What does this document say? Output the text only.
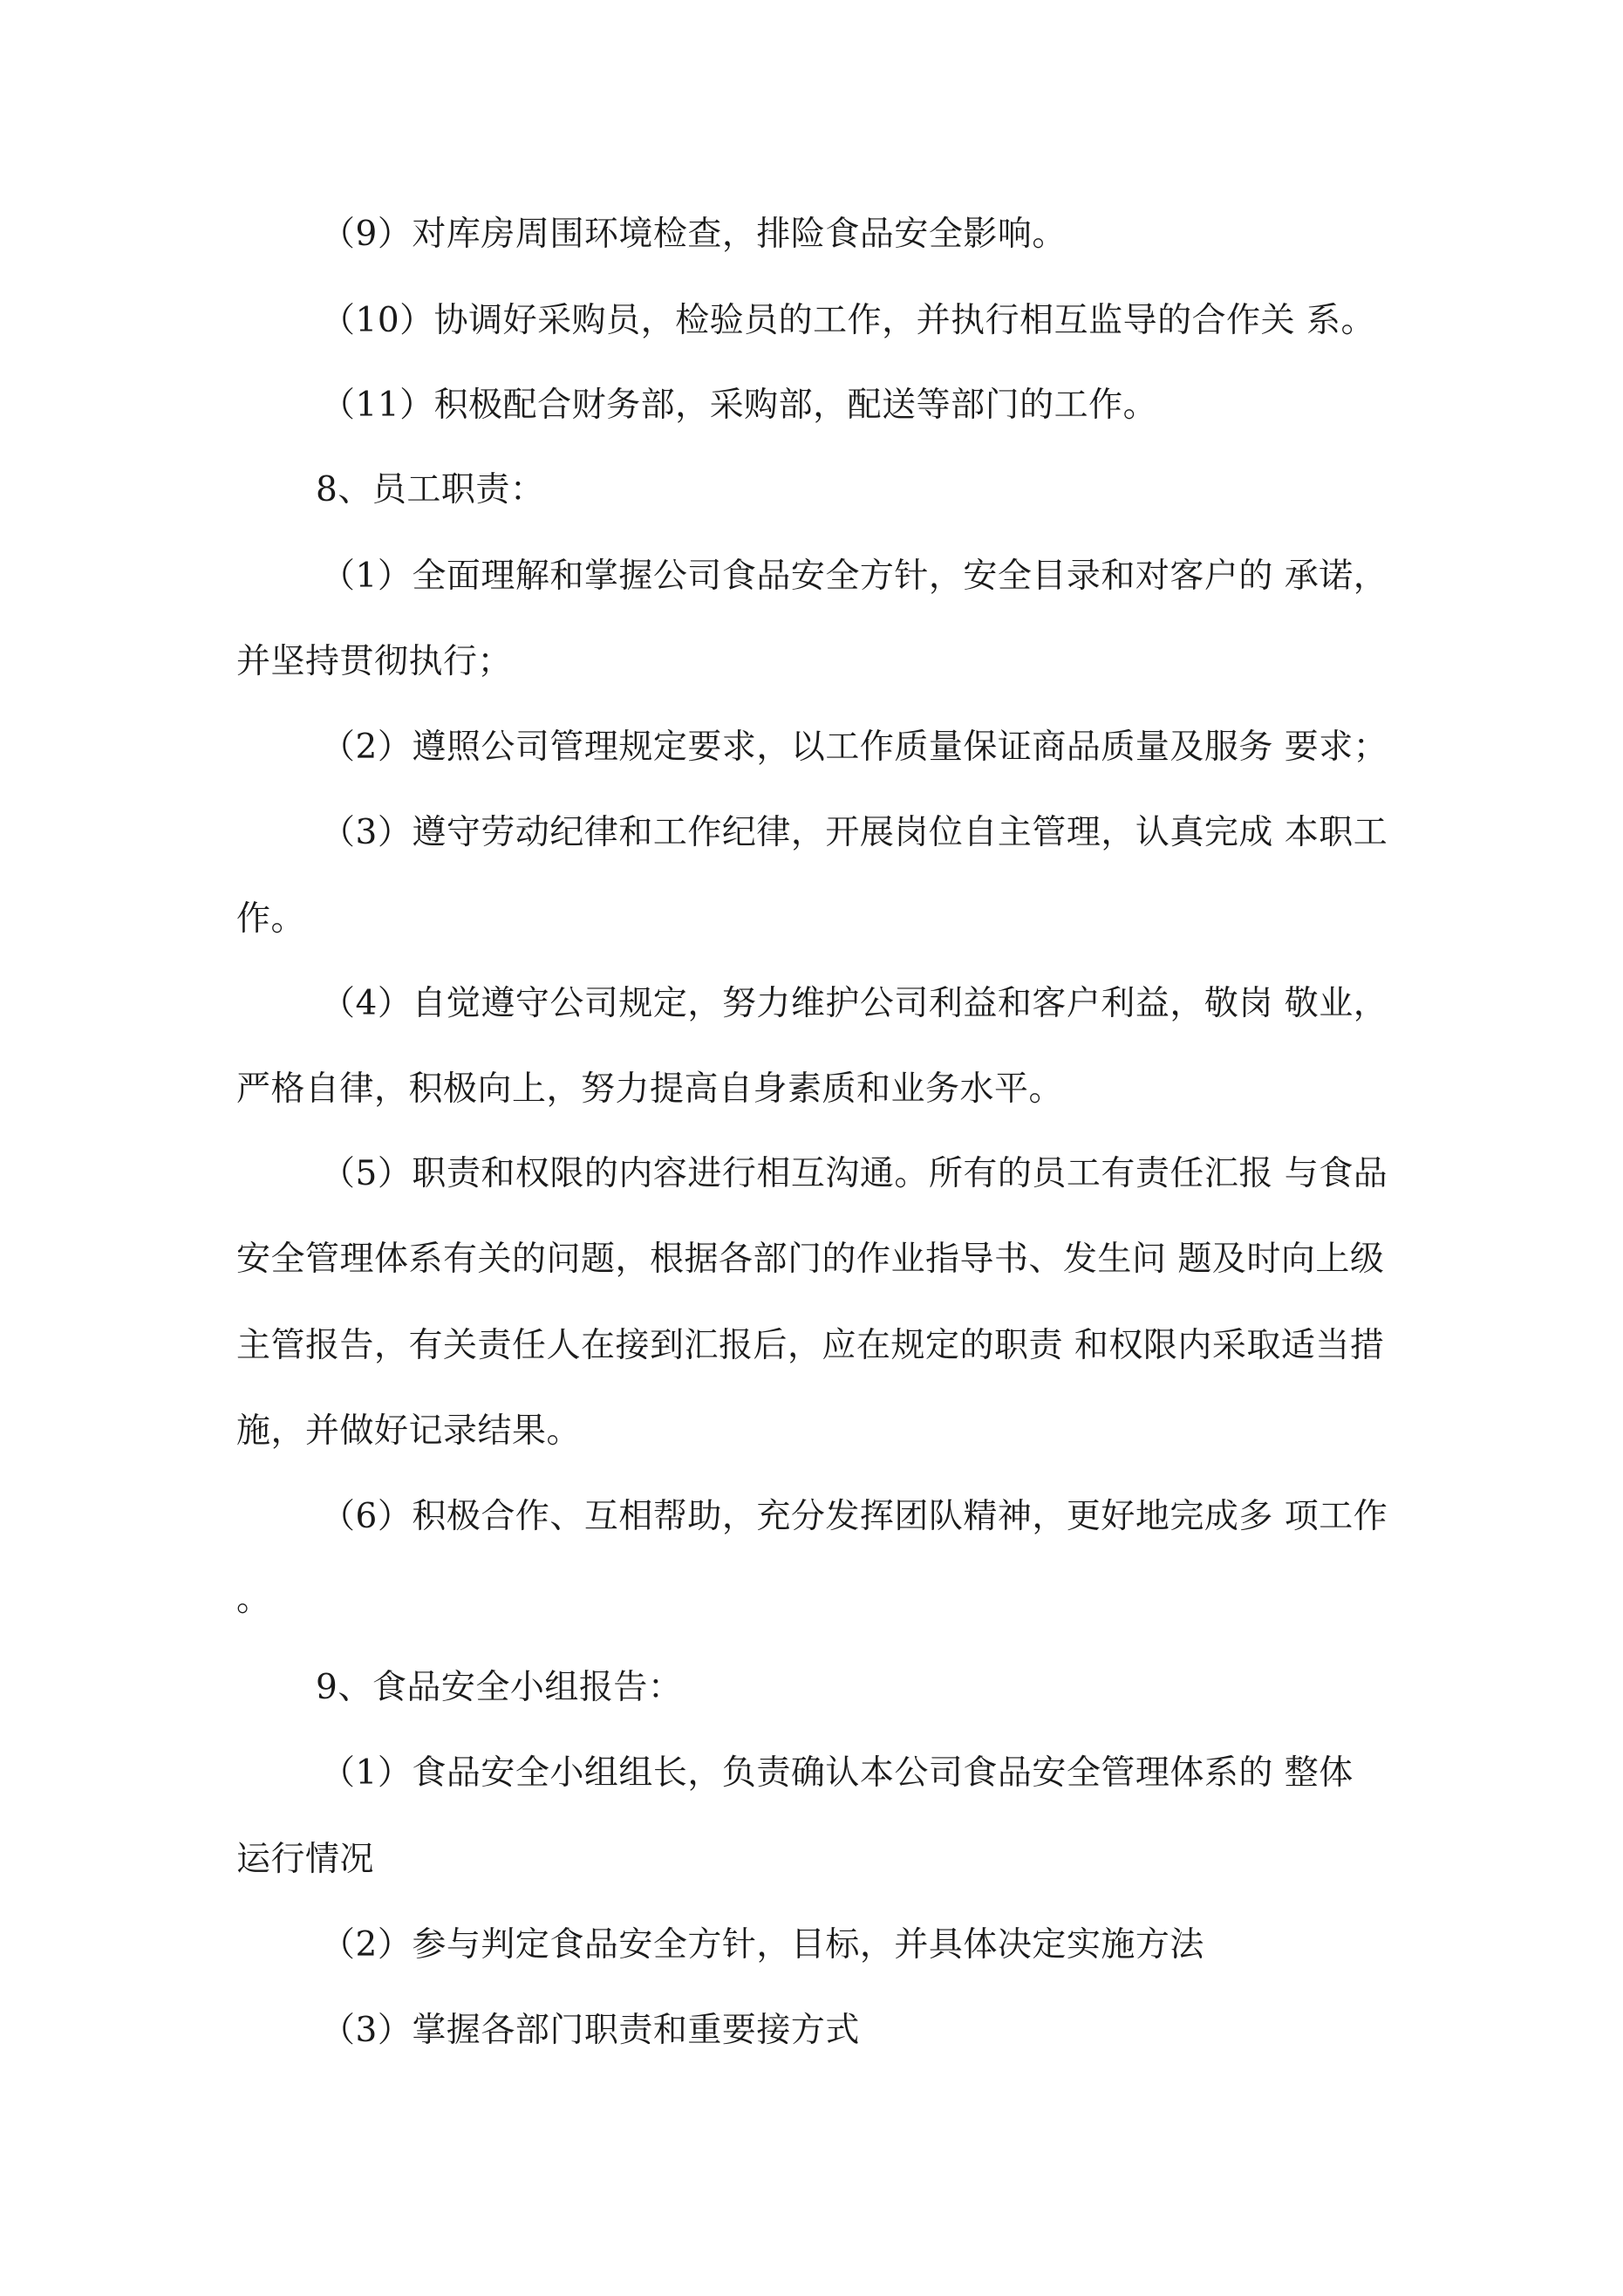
（9）对库房周围环境检查，排险食品安全影响。
（10）协调好采购员，检验员的工作，并执行相互监导的合作关 系。
（11）积极配合财务部，采购部，配送等部门的工作。
8、员工职责：
（1）全面理解和掌握公司食品安全方针，安全目录和对客户的 承诺，
并坚持贯彻执行；
（2）遵照公司管理规定要求，以工作质量保证商品质量及服务 要求；
（3）遵守劳动纪律和工作纪律，开展岗位自主管理，认真完成 本职工
作。
（4）自觉遵守公司规定，努力维护公司利益和客户利益，敬岗 敬业，
严格自律，积极向上，努力提高自身素质和业务水平。
（5）职责和权限的内容进行相互沟通。所有的员工有责任汇报 与食品
安全管理体系有关的问题，根据各部门的作业指导书、发生问 题及时向上级
主管报告，有关责任人在接到汇报后，应在规定的职责 和权限内采取适当措
施，并做好记录结果。
（6）积极合作、互相帮助，充分发挥团队精神，更好地完成多 项工作
。
9、食品安全小组报告：
（1）食品安全小组组长，负责确认本公司食品安全管理体系的 整体
运行情况
（2）参与判定食品安全方针，目标，并具体决定实施方法
（3）掌握各部门职责和重要接方式
